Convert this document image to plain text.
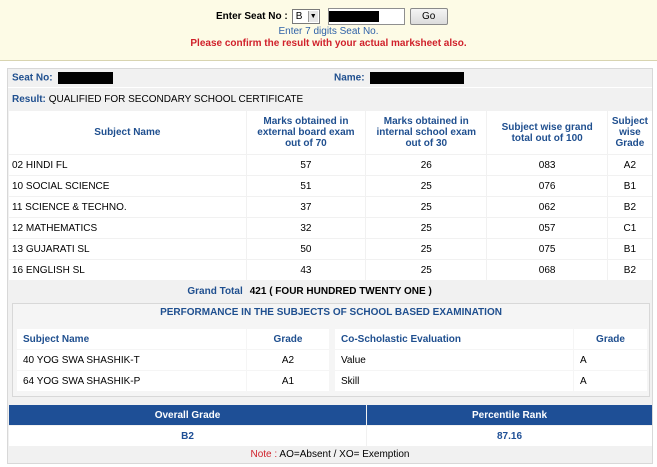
Enter Seat No : B ▼	Go
Enter 7 digits Seat No.
Please confirm the result with your actual marksheet also.
Seat No:	Name:
Result:
QUALIFIED FOR SECONDARY SCHOOL CERTIFICATE
Subject Name	Marks obtained in external board exam out of 70	Marks obtained in internal school exam out of 30	Subject wise grand total out of 100	Subject wise Grade
02 HINDI FL	57	26	083	A2
10 SOCIAL SCIENCE	51	25	076	B1
11 SCIENCE & TECHNO.	37	25	062	B2
12 MATHEMATICS	32	25	057	C1
13 GUJARATI SL	50	25	075	B1
16 ENGLISH SL	43	25	068	B2
Grand Total	421 ( FOUR HUNDRED TWENTY ONE )			
PERFORMANCE IN THE SUBJECTS OF SCHOOL BASED EXAMINATION
Subject Name	Grade
40 YOG SWA SHASHIK-T	A2
64 YOG SWA SHASHIK-P	A1
Co-Scholastic Evaluation	Grade
Value	A
Skill	A
Overall Grade	Percentile Rank
B2	87.16
Note : AO=Absent / XO= Exemption
